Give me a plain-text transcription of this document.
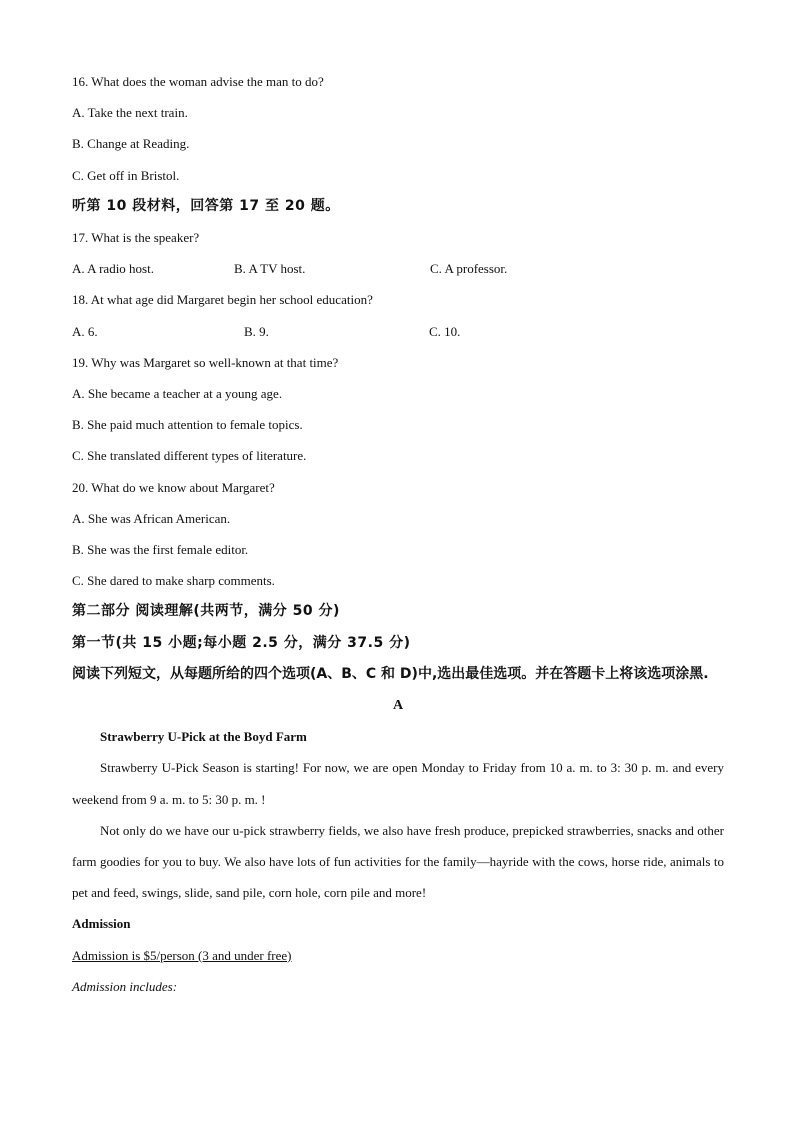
16. What does the woman advise the man to do?
A. Take the next train.
B. Change at Reading.
C. Get off in Bristol.
听第 10 段材料，回答第 17 至 20 题。
17. What is the speaker?
A. A radio host.	B. A TV host.	C. A professor.
18. At what age did Margaret begin her school education?
A. 6.	B. 9.	C. 10.
19. Why was Margaret so well-known at that time?
A. She became a teacher at a young age.
B. She paid much attention to female topics.
C. She translated different types of literature.
20. What do we know about Margaret?
A. She was African American.
B. She was the first female editor.
C. She dared to make sharp comments.
第二部分 阅读理解(共两节，满分 50 分)
第一节(共 15 小题;每小题 2.5 分，满分 37.5 分)
阅读下列短文，从每题所给的四个选项(A、B、C 和 D)中,选出最佳选项。并在答题卡上将该选项涂黑.
A
Strawberry U-Pick at the Boyd Farm
Strawberry U-Pick Season is starting! For now, we are open Monday to Friday from 10 a. m. to 3: 30 p. m. and every weekend from 9 a. m. to 5: 30 p. m. !
Not only do we have our u-pick strawberry fields, we also have fresh produce, prepicked strawberries, snacks and other farm goodies for you to buy. We also have lots of fun activities for the family—hayride with the cows, horse ride, animals to pet and feed, swings, slide, sand pile, corn hole, corn pile and more!
Admission
Admission is $5/person (3 and under free)
Admission includes:
